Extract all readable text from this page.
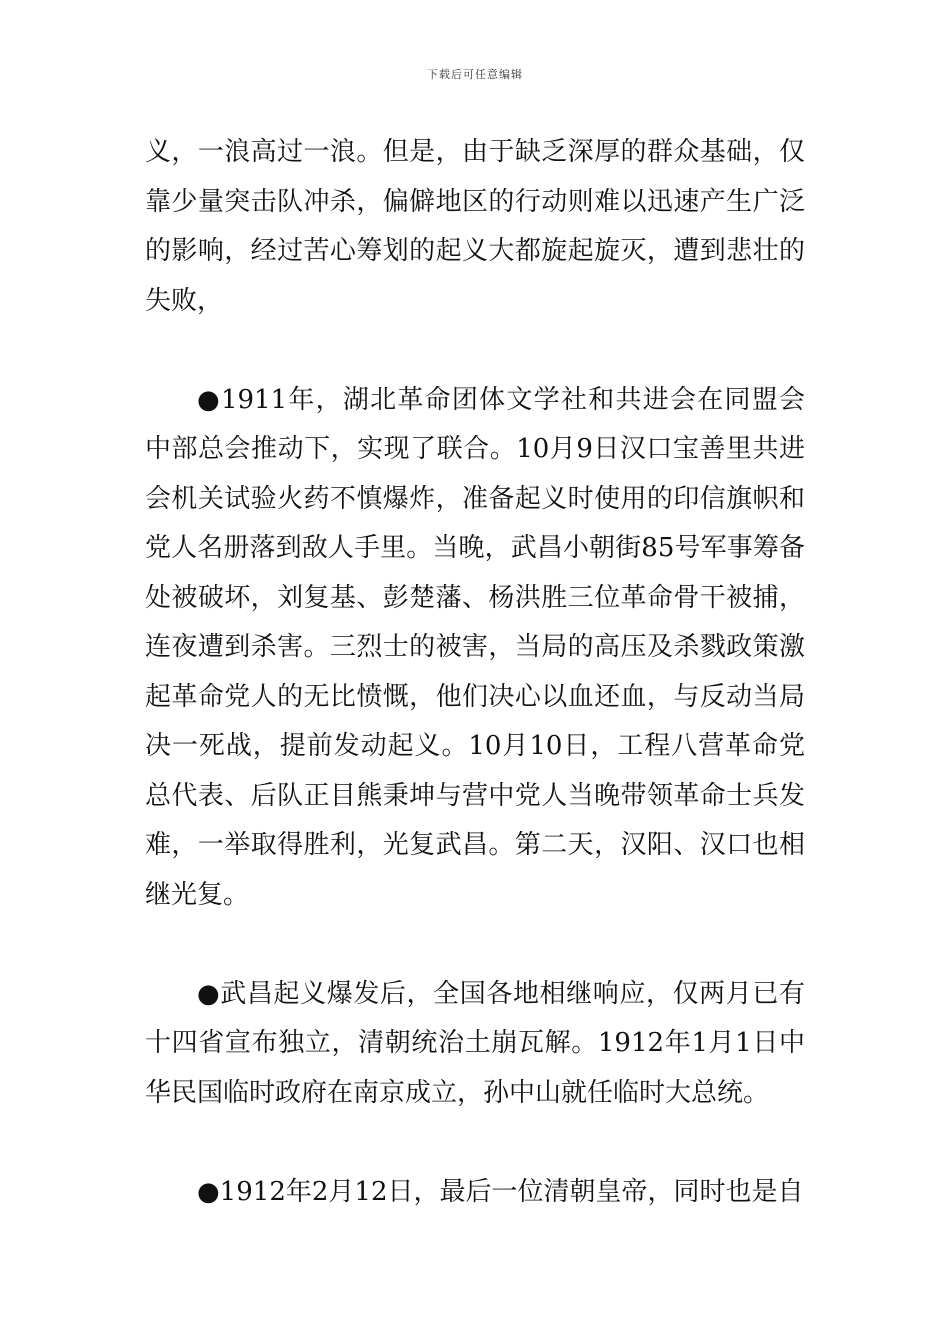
下载后可任意编辑

义，一浪高过一浪。但是，由于缺乏深厚的群众基础，仅靠少量突击队冲杀，偏僻地区的行动则难以迅速产生广泛的影响，经过苦心筹划的起义大都旋起旋灭，遭到悲壮的失败，

●1911年，湖北革命团体文学社和共进会在同盟会中部总会推动下，实现了联合。10月9日汉口宝善里共进会机关试验火药不慎爆炸，准备起义时使用的印信旗帜和党人名册落到敌人手里。当晚，武昌小朝街85号军事筹备处被破坏，刘复基、彭楚藩、杨洪胜三位革命骨干被捕，连夜遭到杀害。三烈士的被害，当局的高压及杀戮政策激起革命党人的无比愤慨，他们决心以血还血，与反动当局决一死战，提前发动起义。10月10日，工程八营革命党总代表、后队正目熊秉坤与营中党人当晚带领革命士兵发难，一举取得胜利，光复武昌。第二天，汉阳、汉口也相继光复。

●武昌起义爆发后，全国各地相继响应，仅两月已有十四省宣布独立，清朝统治土崩瓦解。1912年1月1日中华民国临时政府在南京成立，孙中山就任临时大总统。

●1912年2月12日，最后一位清朝皇帝，同时也是自
